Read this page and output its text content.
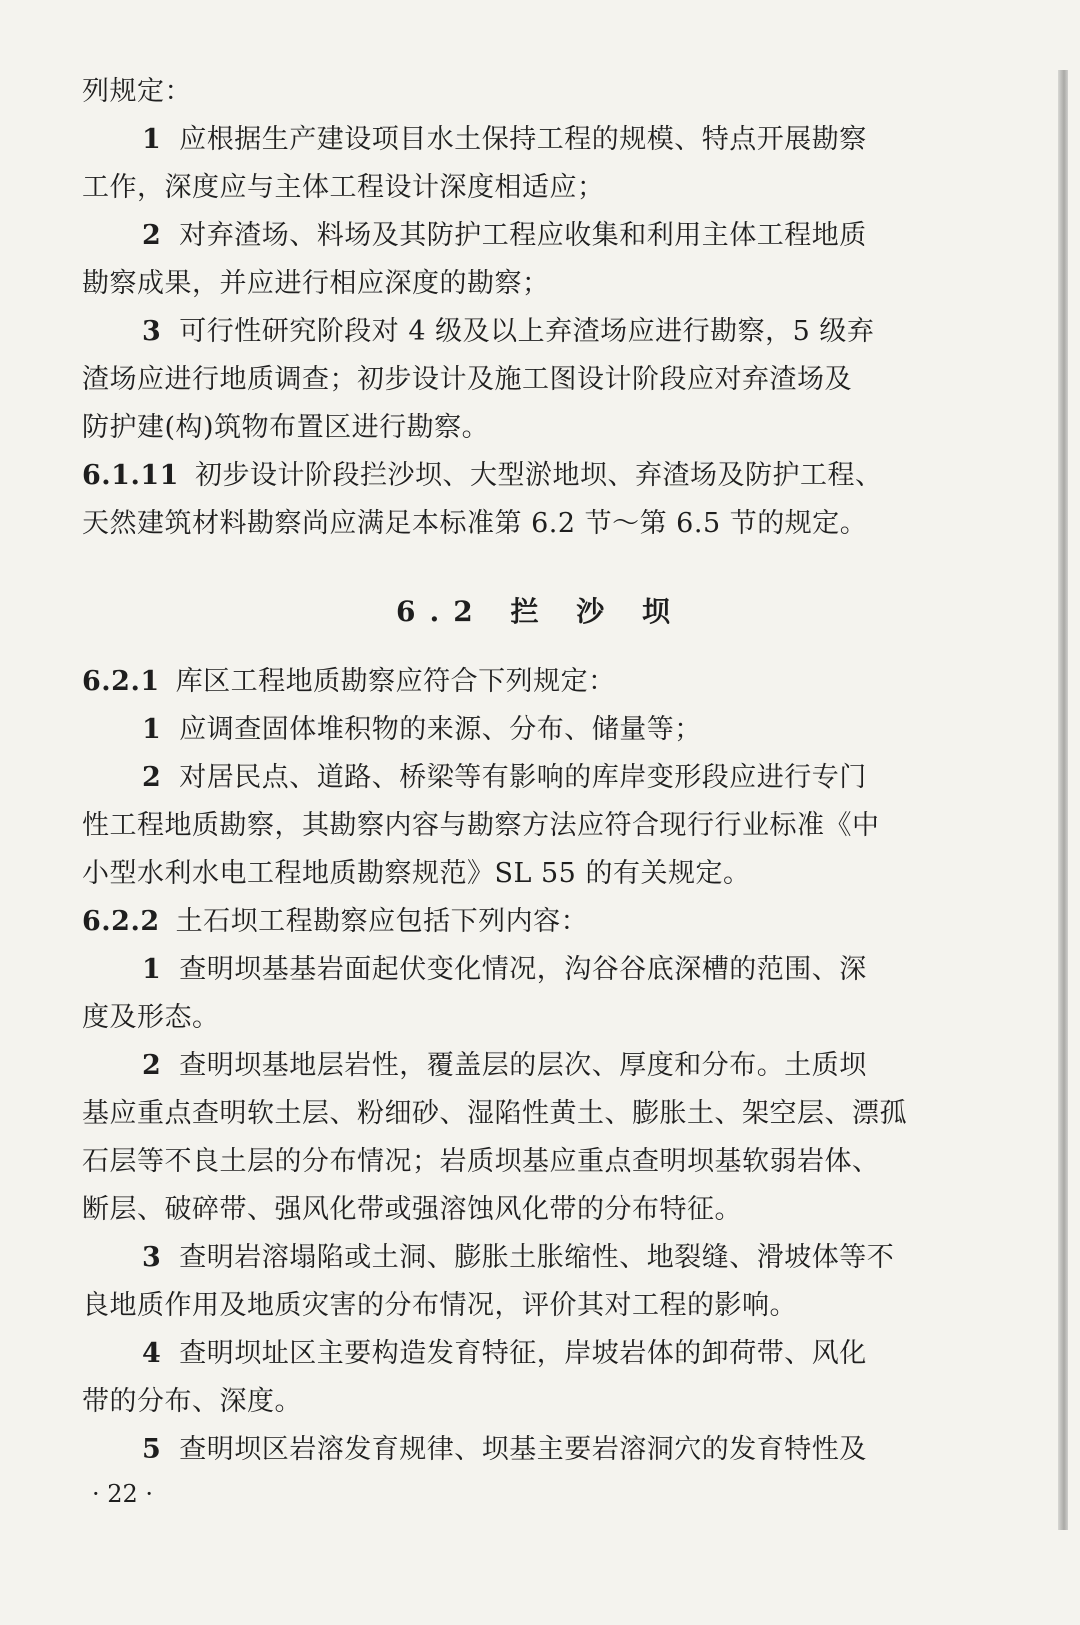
列规定：
1 应根据生产建设项目水土保持工程的规模、特点开展勘察
工作，深度应与主体工程设计深度相适应；
2 对弃渣场、料场及其防护工程应收集和利用主体工程地质
勘察成果，并应进行相应深度的勘察；
3 可行性研究阶段对 4 级及以上弃渣场应进行勘察，5 级弃
渣场应进行地质调查；初步设计及施工图设计阶段应对弃渣场及
防护建(构)筑物布置区进行勘察。
6.1.11 初步设计阶段拦沙坝、大型淤地坝、弃渣场及防护工程、
天然建筑材料勘察尚应满足本标准第 6.2 节～第 6.5 节的规定。
6.2 拦 沙 坝
6.2.1 库区工程地质勘察应符合下列规定：
1 应调查固体堆积物的来源、分布、储量等；
2 对居民点、道路、桥梁等有影响的库岸变形段应进行专门
性工程地质勘察，其勘察内容与勘察方法应符合现行行业标准《中
小型水利水电工程地质勘察规范》SL 55 的有关规定。
6.2.2 土石坝工程勘察应包括下列内容：
1 查明坝基基岩面起伏变化情况，沟谷谷底深槽的范围、深
度及形态。
2 查明坝基地层岩性，覆盖层的层次、厚度和分布。土质坝
基应重点查明软土层、粉细砂、湿陷性黄土、膨胀土、架空层、漂孤
石层等不良土层的分布情况；岩质坝基应重点查明坝基软弱岩体、
断层、破碎带、强风化带或强溶蚀风化带的分布特征。
3 查明岩溶塌陷或土洞、膨胀土胀缩性、地裂缝、滑坡体等不
良地质作用及地质灾害的分布情况，评价其对工程的影响。
4 查明坝址区主要构造发育特征，岸坡岩体的卸荷带、风化
带的分布、深度。
5 查明坝区岩溶发育规律、坝基主要岩溶洞穴的发育特性及
· 22 ·
